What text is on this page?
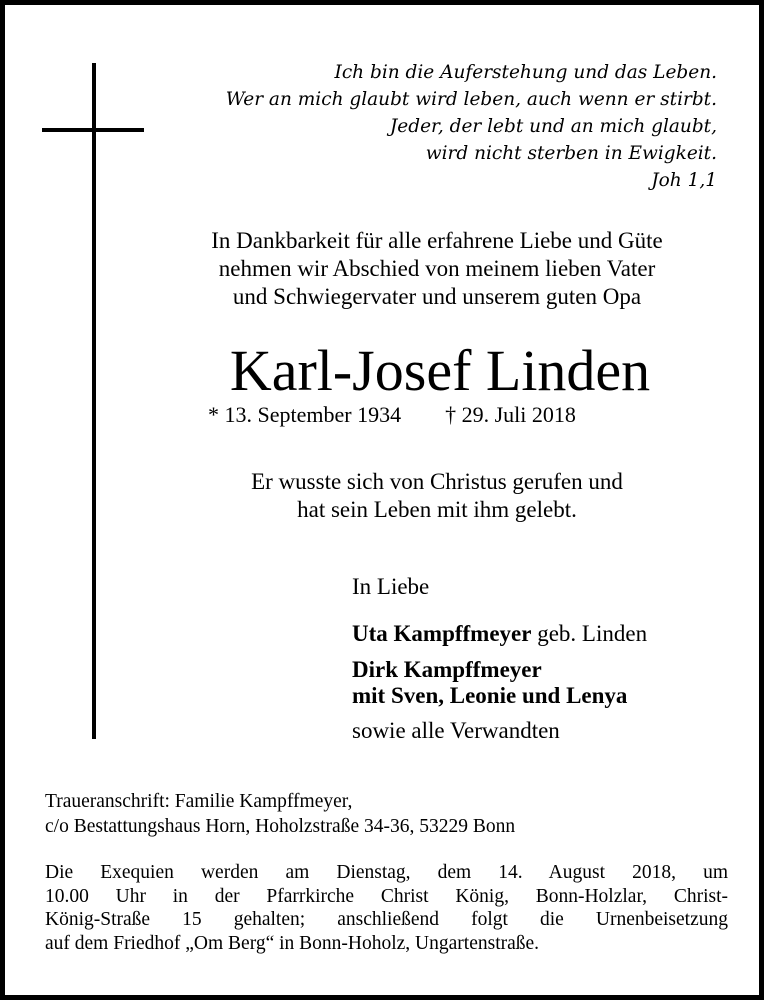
Ich bin die Auferstehung und das Leben.
Wer an mich glaubt wird leben, auch wenn er stirbt.
Jeder, der lebt und an mich glaubt,
wird nicht sterben in Ewigkeit.
Joh 1,1
In Dankbarkeit für alle erfahrene Liebe und Güte
nehmen wir Abschied von meinem lieben Vater
und Schwiegervater und unserem guten Opa
Karl-Josef Linden
* 13. September 1934 † 29. Juli 2018
Er wusste sich von Christus gerufen und
hat sein Leben mit ihm gelebt.
In Liebe
Uta Kampffmeyer geb. Linden
Dirk Kampffmeyer
mit Sven, Leonie und Lenya
sowie alle Verwandten
Traueranschrift: Familie Kampffmeyer,
c/o Bestattungshaus Horn, Hoholzstraße 34-36, 53229 Bonn
Die Exequien werden am Dienstag, dem 14. August 2018, um
10.00 Uhr in der Pfarrkirche Christ König, Bonn-Holzlar, Christ-
König-Straße 15 gehalten; anschließend folgt die Urnenbeisetzung
auf dem Friedhof „Om Berg“ in Bonn-Hoholz, Ungartenstraße.
